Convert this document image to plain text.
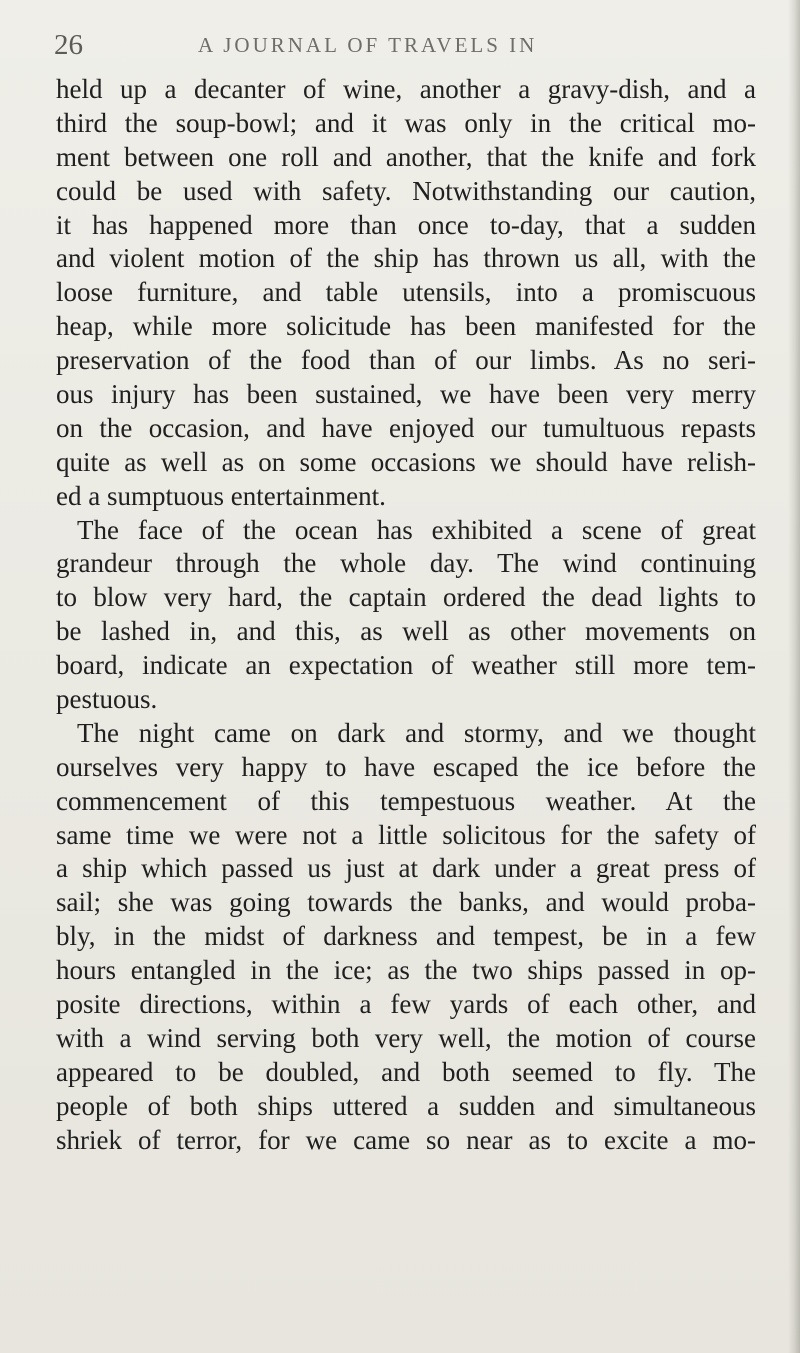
26	A JOURNAL OF TRAVELS IN
held up a decanter of wine, another a gravy-dish, and a
third the soup-bowl; and it was only in the critical mo-
ment between one roll and another, that the knife and fork
could be used with safety. Notwithstanding our caution,
it has happened more than once to-day, that a sudden
and violent motion of the ship has thrown us all, with the
loose furniture, and table utensils, into a promiscuous
heap, while more solicitude has been manifested for the
preservation of the food than of our limbs. As no seri-
ous injury has been sustained, we have been very merry
on the occasion, and have enjoyed our tumultuous repasts
quite as well as on some occasions we should have relish-
ed a sumptuous entertainment.
The face of the ocean has exhibited a scene of great
grandeur through the whole day. The wind continuing
to blow very hard, the captain ordered the dead lights to
be lashed in, and this, as well as other movements on
board, indicate an expectation of weather still more tem-
pestuous.
The night came on dark and stormy, and we thought
ourselves very happy to have escaped the ice before the
commencement of this tempestuous weather. At the
same time we were not a little solicitous for the safety of
a ship which passed us just at dark under a great press of
sail; she was going towards the banks, and would proba-
bly, in the midst of darkness and tempest, be in a few
hours entangled in the ice; as the two ships passed in op-
posite directions, within a few yards of each other, and
with a wind serving both very well, the motion of course
appeared to be doubled, and both seemed to fly. The
people of both ships uttered a sudden and simultaneous
shriek of terror, for we came so near as to excite a mo-
